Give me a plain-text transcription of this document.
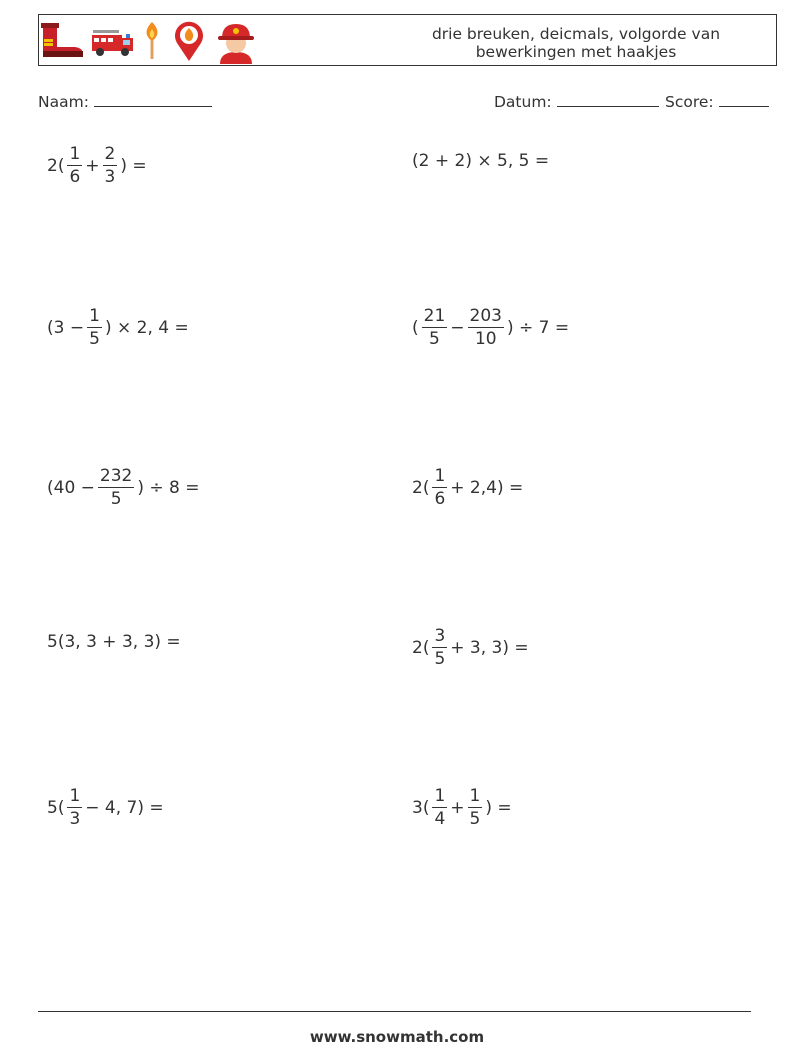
drie breuken, deicmals, volgorde van
bewerkingen met haakjes
Naam:	Datum:	Score:
$2( \frac{1}{6} + \frac{2}{3}$ ) =	(2 + 2) × 5, 5 =
($3 - \frac{1}{5}$ ) × 2, 4 =	( $\frac{21}{5} - \frac{203}{10}$ ) ÷ 7 =
($40 - \frac{232}{5}$ ) ÷ 8 =	$2( \frac{1}{6} + 2,4)$ =
5(3, 3 + 3, 3) =	$2( \frac{3}{5} + 3$, 3) =
$5( \frac{1}{3} - 4$, 7) =	$3( \frac{1}{4} + \frac{1}{5}$ ) =
www.snowmath.com
